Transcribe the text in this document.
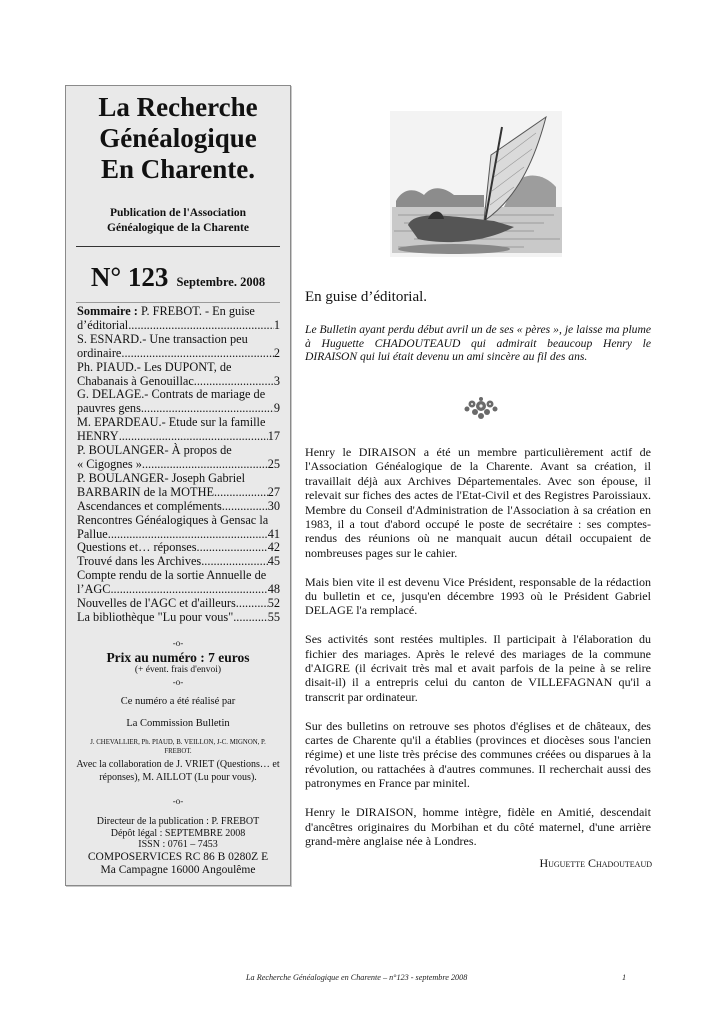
La Recherche
Généalogique
En Charente.
Publication de l'Association
Généalogique de la Charente
N° 123 Septembre. 2008
Sommaire : P. FREBOT. - En guise
d’éditorial .....	1
S. ESNARD.- Une transaction peu
ordinaire .....	2
Ph. PIAUD.- Les DUPONT, de
Chabanais à Genouillac .....	3
G. DELAGE.- Contrats de mariage de
pauvres gens .....	9
M. EPARDEAU.- Etude sur la famille
HENRY .....	17
P. BOULANGER- À propos de
« Cigognes » .....	25
P. BOULANGER- Joseph Gabriel
BARBARIN de la MOTHE .....	27
Ascendances et compléments .....	30
Rencontres Généalogiques à Gensac la
Pallue .....	41
Questions et… réponses .....	42
Trouvé dans les Archives .....	45
Compte rendu de la sortie Annuelle de
l’AGC .....	48
Nouvelles de l'AGC et d'ailleurs .....	52
La bibliothèque "Lu pour vous" .....	55
-o-
Prix au numéro : 7 euros
(+ évent. frais d'envoi)
-o-
Ce numéro a été réalisé par
La Commission Bulletin
J. CHEVALLIER, Ph. PIAUD, B. VEILLON, J-C. MIGNON, P. FREBOT.
Avec la collaboration de J. VRIET (Questions… et réponses), M. AILLOT (Lu pour vous).
-o-
Directeur de la publication : P. FREBOT
Dépôt légal : SEPTEMBRE 2008
ISSN : 0761 – 7453
COMPOSERVICES RC 86 B 0280Z E
Ma Campagne 16000 Angoulême
En guise d’éditorial.
Le Bulletin ayant perdu début avril un de ses « pères », je laisse ma plume à Huguette CHADOUTEAUD qui admirait beaucoup Henry le DIRAISON qui lui était devenu un ami sincère au fil des ans.

Henry le DIRAISON a été un membre particulièrement actif de l'Association Généalogique de la Charente. Avant sa création, il travaillait déjà aux Archives Départementales. Avec son épouse, il relevait sur fiches des actes de l'Etat-Civil et des Registres Paroissiaux. Membre du Conseil d'Administration de l'Association à sa création en 1983, il a tout d'abord occupé le poste de secrétaire : ses comptes-rendus des réunions où ne manquait aucun détail occupaient de nombreuses pages sur le cahier.

Mais bien vite il est devenu Vice Président, responsable de la rédaction du bulletin et ce, jusqu'en décembre 1993 où le Président Gabriel DELAGE l'a remplacé.

Ses activités sont restées multiples. Il participait à l'élaboration du fichier des mariages. Après le relevé des mariages de la commune d'AIGRE (il écrivait très mal et avait parfois de la peine à se relire disait-il) il a entrepris celui du canton de VILLEFAGNAN qu'il a transcrit par ordinateur.

Sur des bulletins on retrouve ses photos d'églises et de châteaux, des cartes de Charente qu'il a établies (provinces et diocèses sous l'ancien régime) et une liste très précise des communes créées ou disparues à la révolution, ou rattachées à d'autres communes. Il recherchait aussi des patronymes en France par minitel.

Henry le DIRAISON, homme intègre, fidèle en Amitié, descendait d'ancêtres originaires du Morbihan et du côté maternel, d'une arrière grand-mère anglaise née à Londres.

Huguette Chadouteaud
La Recherche Généalogique en Charente – n°123 - septembre 2008	1
